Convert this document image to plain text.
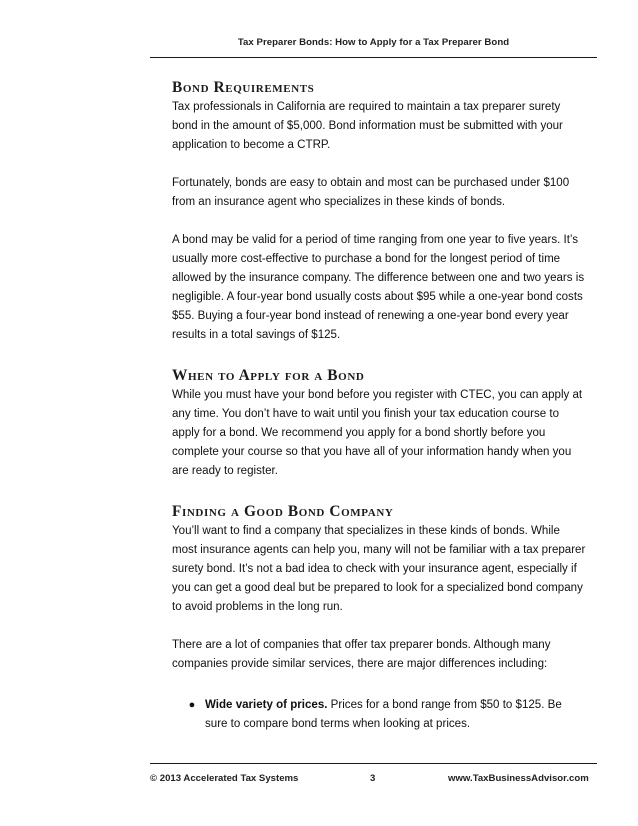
Tax Preparer Bonds: How to Apply for a Tax Preparer Bond
Bond Requirements

Tax professionals in California are required to maintain a tax preparer surety bond in the amount of $5,000. Bond information must be submitted with your application to become a CTRP.

Fortunately, bonds are easy to obtain and most can be purchased under $100 from an insurance agent who specializes in these kinds of bonds.

A bond may be valid for a period of time ranging from one year to five years. It’s usually more cost-effective to purchase a bond for the longest period of time allowed by the insurance company. The difference between one and two years is negligible. A four-year bond usually costs about $95 while a one-year bond costs $55. Buying a four-year bond instead of renewing a one-year bond every year results in a total savings of $125.

When to Apply for a Bond

While you must have your bond before you register with CTEC, you can apply at any time. You don’t have to wait until you finish your tax education course to apply for a bond. We recommend you apply for a bond shortly before you complete your course so that you have all of your information handy when you are ready to register.

Finding a Good Bond Company

You’ll want to find a company that specializes in these kinds of bonds. While most insurance agents can help you, many will not be familiar with a tax preparer surety bond. It’s not a bad idea to check with your insurance agent, especially if you can get a good deal but be prepared to look for a specialized bond company to avoid problems in the long run.

There are a lot of companies that offer tax preparer bonds. Although many companies provide similar services, there are major differences including:

● Wide variety of prices. Prices for a bond range from $50 to $125. Be sure to compare bond terms when looking at prices.
© 2013 Accelerated Tax Systems	3	www.TaxBusinessAdvisor.com
